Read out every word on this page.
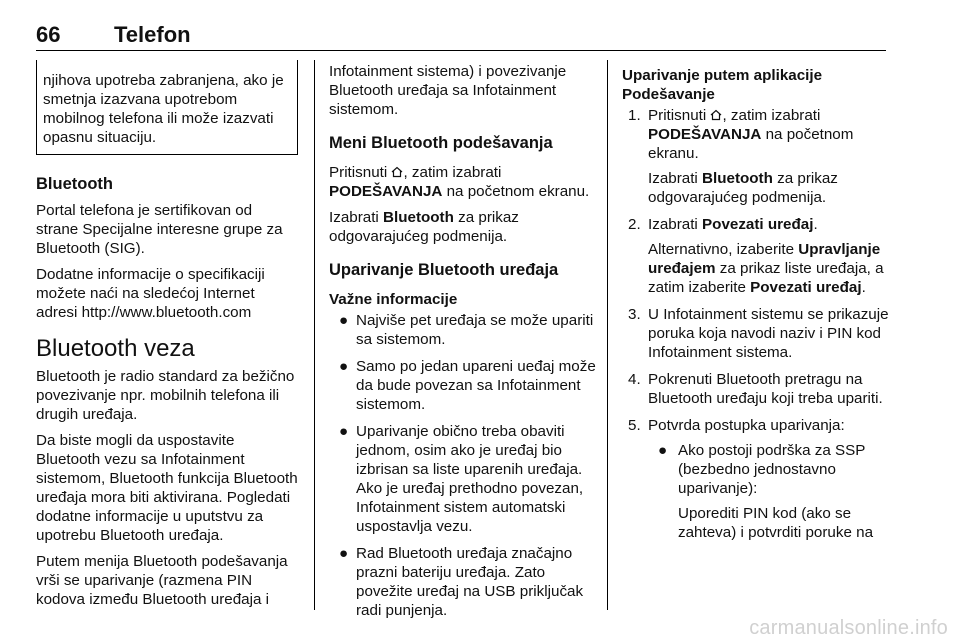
66 Telefon

njihova upotreba zabranjena, ako je smetnja izazvana upotrebom mobilnog telefona ili može izazvati opasnu situaciju.

Bluetooth

Portal telefona je sertifikovan od strane Specijalne interesne grupe za Bluetooth (SIG).

Dodatne informacije o specifikaciji možete naći na sledećoj Internet adresi http://www.bluetooth.com

Bluetooth veza

Bluetooth je radio standard za bežično povezivanje npr. mobilnih telefona ili drugih uređaja.

Da biste mogli da uspostavite Bluetooth vezu sa Infotainment sistemom, Bluetooth funkcija Bluetooth uređaja mora biti aktivirana. Pogledati dodatne informacije u uputstvu za upotrebu Bluetooth uređaja.

Putem menija Bluetooth podešavanja vrši se uparivanje (razmena PIN kodova između Bluetooth uređaja i

Infotainment sistema) i povezivanje Bluetooth uređaja sa Infotainment sistemom.

Meni Bluetooth podešavanja

Pritisnuti , zatim izabrati
PODEŠAVANJA na početnom ekranu.

Izabrati Bluetooth za prikaz odgovarajućeg podmenija.

Uparivanje Bluetooth uređaja

Važne informacije

● Najviše pet uređaja se može upariti sa sistemom.
● Samo po jedan upareni uеđaj može da bude povezan sa Infotainment sistemom.
● Uparivanje obično treba obaviti jednom, osim ako je uređaj bio izbrisan sa liste uparenih uređaja. Ako je uređaj prethodno povezan, Infotainment sistem automatski uspostavlja vezu.
● Rad Bluetooth uređaja značajno prazni bateriju uređaja. Zato povežite uređaj na USB priključak radi punjenja.

Uparivanje putem aplikacije
Podešavanje

1. Pritisnuti , zatim izabrati
PODEŠAVANJA na početnom ekranu.

Izabrati Bluetooth za prikaz odgovarajućeg podmenija.

2. Izabrati Povezati uređaj.

Alternativno, izaberite Upravljanje uređajem za prikaz liste uređaja, a zatim izaberite Povezati uređaj.

3. U Infotainment sistemu se prikazuje poruka koja navodi naziv i PIN kod Infotainment sistema.

4. Pokrenuti Bluetooth pretragu na Bluetooth uređaju koji treba upariti.

5. Potvrda postupka uparivanja:

● Ako postoji podrška za SSP (bezbedno jednostavno uparivanje):

Uporediti PIN kod (ako se zahteva) i potvrditi poruke na

carmanualsonline.info
